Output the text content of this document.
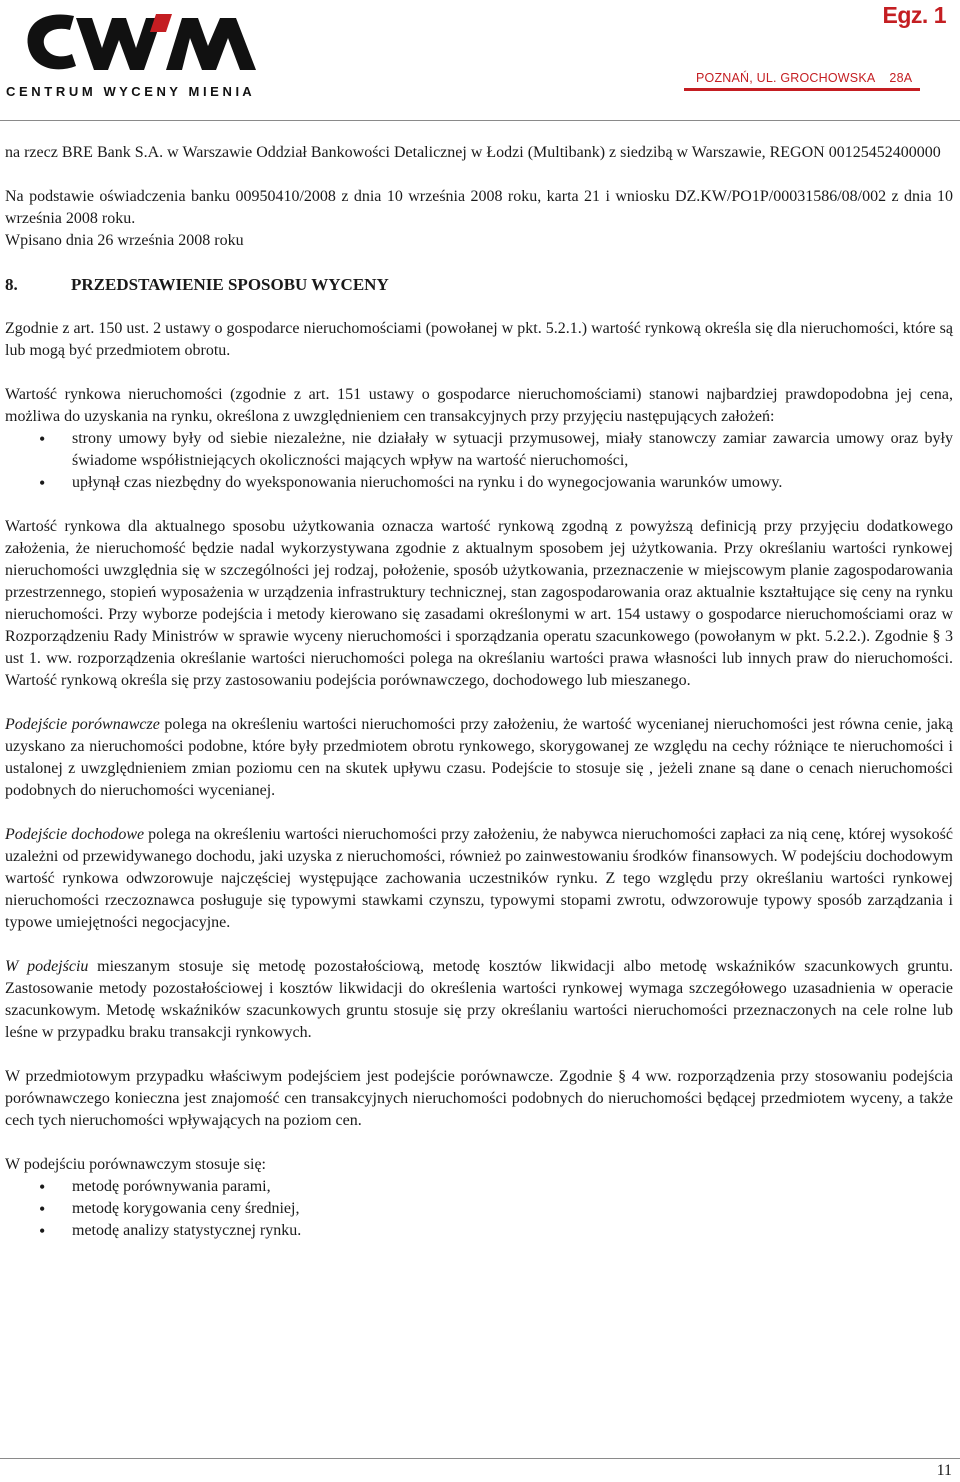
C E N T R U M   W Y C E N Y   M I E N I A
Egz. 1
POZNAŃ, UL. GROCHOWSKA    28A

na rzecz BRE Bank S.A. w Warszawie Oddział Bankowości Detalicznej w Łodzi (Multibank) z siedzibą w Warszawie, REGON 00125452400000

Na podstawie oświadczenia banku 00950410/2008 z dnia 10 września 2008 roku, karta 21 i wniosku DZ.KW/PO1P/00031586/08/002 z dnia 10 września 2008 roku.

Wpisano dnia 26 września 2008 roku

8.	PRZEDSTAWIENIE SPOSOBU WYCENY

Zgodnie z art. 150 ust. 2 ustawy o gospodarce nieruchomościami (powołanej w pkt. 5.2.1.) wartość rynkową określa się dla nieruchomości, które są lub mogą być przedmiotem obrotu.

Wartość rynkowa nieruchomości (zgodnie z art. 151 ustawy o gospodarce nieruchomościami) stanowi najbardziej prawdopodobna jej cena, możliwa do uzyskania na rynku, określona z uwzględnieniem cen transakcyjnych przy przyjęciu następujących założeń:

• strony umowy były od siebie niezależne, nie działały w sytuacji przymusowej, miały stanowczy zamiar zawarcia umowy oraz były świadome współistniejących okoliczności mających wpływ na wartość nieruchomości,
• upłynął czas niezbędny do wyeksponowania nieruchomości na rynku i do wynegocjowania warunków umowy.

Wartość rynkowa dla aktualnego sposobu użytkowania oznacza wartość rynkową zgodną z powyższą definicją przy przyjęciu dodatkowego założenia, że nieruchomość będzie nadal wykorzystywana zgodnie z aktualnym sposobem jej użytkowania. Przy określaniu wartości rynkowej nieruchomości uwzględnia się w szczególności jej rodzaj, położenie, sposób użytkowania, przeznaczenie w miejscowym planie zagospodarowania przestrzennego, stopień wyposażenia w urządzenia infrastruktury technicznej, stan zagospodarowania oraz aktualnie kształtujące się ceny na rynku nieruchomości. Przy wyborze podejścia i metody kierowano się zasadami określonymi w art. 154 ustawy o gospodarce nieruchomościami oraz w Rozporządzeniu Rady Ministrów w sprawie wyceny nieruchomości i sporządzania operatu szacunkowego (powołanym w pkt. 5.2.2.). Zgodnie § 3 ust 1. ww. rozporządzenia określanie wartości nieruchomości polega na określaniu wartości prawa własności lub innych praw do nieruchomości. Wartość rynkową określa się przy zastosowaniu podejścia porównawczego, dochodowego lub mieszanego.

Podejście porównawcze polega na określeniu wartości nieruchomości przy założeniu, że wartość wycenianej nieruchomości jest równa cenie, jaką uzyskano za nieruchomości podobne, które były przedmiotem obrotu rynkowego, skorygowanej ze względu na cechy różniące te nieruchomości i ustalonej z uwzględnieniem zmian poziomu cen na skutek upływu czasu. Podejście to stosuje się , jeżeli znane są dane o cenach nieruchomości podobnych do nieruchomości wycenianej.

Podejście dochodowe polega na określeniu wartości nieruchomości przy założeniu, że nabywca nieruchomości zapłaci za nią cenę, której wysokość uzależni od przewidywanego dochodu, jaki uzyska z nieruchomości, również po zainwestowaniu środków finansowych. W podejściu dochodowym wartość rynkowa odwzorowuje najczęściej występujące zachowania uczestników rynku. Z tego względu przy określaniu wartości rynkowej nieruchomości rzeczoznawca posługuje się typowymi stawkami czynszu, typowymi stopami zwrotu, odwzorowuje typowy sposób zarządzania i typowe umiejętności negocjacyjne.

W podejściu mieszanym stosuje się metodę pozostałościową, metodę kosztów likwidacji albo metodę wskaźników szacunkowych gruntu. Zastosowanie metody pozostałościowej i kosztów likwidacji do określenia wartości rynkowej wymaga szczegółowego uzasadnienia w operacie szacunkowym. Metodę wskaźników szacunkowych gruntu stosuje się przy określaniu wartości nieruchomości przeznaczonych na cele rolne lub leśne w przypadku braku transakcji rynkowych.

W przedmiotowym przypadku właściwym podejściem jest podejście porównawcze. Zgodnie § 4 ww. rozporządzenia przy stosowaniu podejścia porównawczego konieczna jest znajomość cen transakcyjnych nieruchomości podobnych do nieruchomości będącej przedmiotem wyceny, a także cech tych nieruchomości wpływających na poziom cen.

W podejściu porównawczym stosuje się:

• metodę porównywania parami,
• metodę korygowania ceny średniej,
• metodę analizy statystycznej rynku.
11
